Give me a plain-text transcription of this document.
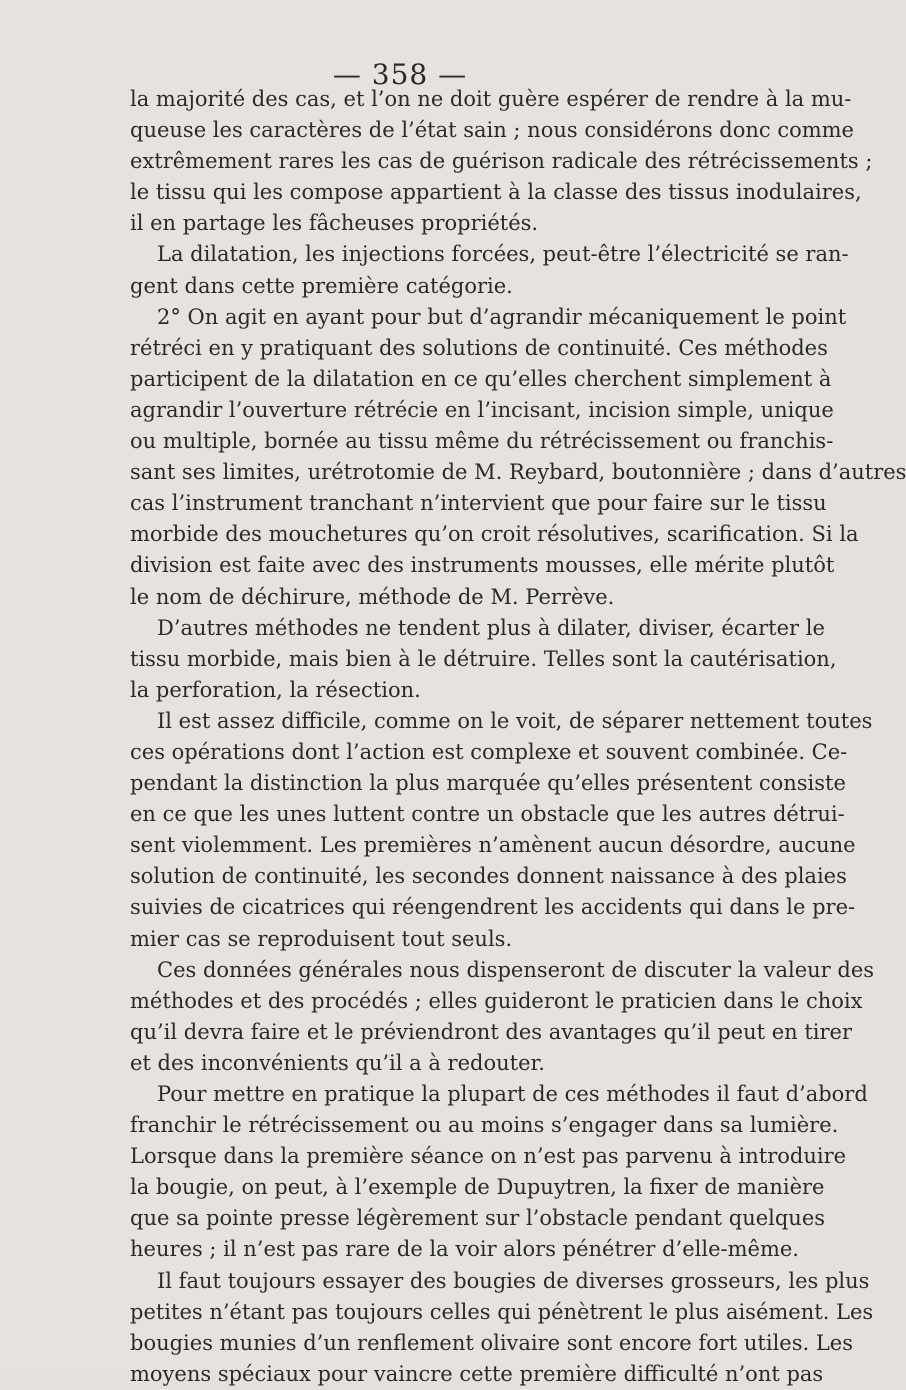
— 358 —

la majorité des cas, et l’on ne doit guère espérer de rendre à la mu-
queuse les caractères de l’état sain ; nous considérons donc comme
extrêmement rares les cas de guérison radicale des rétrécissements ;
le tissu qui les compose appartient à la classe des tissus inodulaires,
il en partage les fâcheuses propriétés.

La dilatation, les injections forcées, peut-être l’électricité se ran-
gent dans cette première catégorie.

2° On agit en ayant pour but d’agrandir mécaniquement le point
rétréci en y pratiquant des solutions de continuité. Ces méthodes
participent de la dilatation en ce qu’elles cherchent simplement à
agrandir l’ouverture rétrécie en l’incisant, incision simple, unique
ou multiple, bornée au tissu même du rétrécissement ou franchis-
sant ses limites, urétrotomie de M. Reybard, boutonnière ; dans d’autres
cas l’instrument tranchant n’intervient que pour faire sur le tissu
morbide des mouchetures qu’on croit résolutives, scarification. Si la
division est faite avec des instruments mousses, elle mérite plutôt
le nom de déchirure, méthode de M. Perrève.

D’autres méthodes ne tendent plus à dilater, diviser, écarter le
tissu morbide, mais bien à le détruire. Telles sont la cautérisation,
la perforation, la résection.

Il est assez difficile, comme on le voit, de séparer nettement toutes
ces opérations dont l’action est complexe et souvent combinée. Ce-
pendant la distinction la plus marquée qu’elles présentent consiste
en ce que les unes luttent contre un obstacle que les autres détrui-
sent violemment. Les premières n’amènent aucun désordre, aucune
solution de continuité, les secondes donnent naissance à des plaies
suivies de cicatrices qui réengendrent les accidents qui dans le pre-
mier cas se reproduisent tout seuls.

Ces données générales nous dispenseront de discuter la valeur des
méthodes et des procédés ; elles guideront le praticien dans le choix
qu’il devra faire et le préviendront des avantages qu’il peut en tirer
et des inconvénients qu’il a à redouter.

Pour mettre en pratique la plupart de ces méthodes il faut d’abord
franchir le rétrécissement ou au moins s’engager dans sa lumière.
Lorsque dans la première séance on n’est pas parvenu à introduire
la bougie, on peut, à l’exemple de Dupuytren, la fixer de manière
que sa pointe presse légèrement sur l’obstacle pendant quelques
heures ; il n’est pas rare de la voir alors pénétrer d’elle-même.

Il faut toujours essayer des bougies de diverses grosseurs, les plus
petites n’étant pas toujours celles qui pénètrent le plus aisément. Les
bougies munies d’un renflement olivaire sont encore fort utiles. Les
moyens spéciaux pour vaincre cette première difficulté n’ont pas
